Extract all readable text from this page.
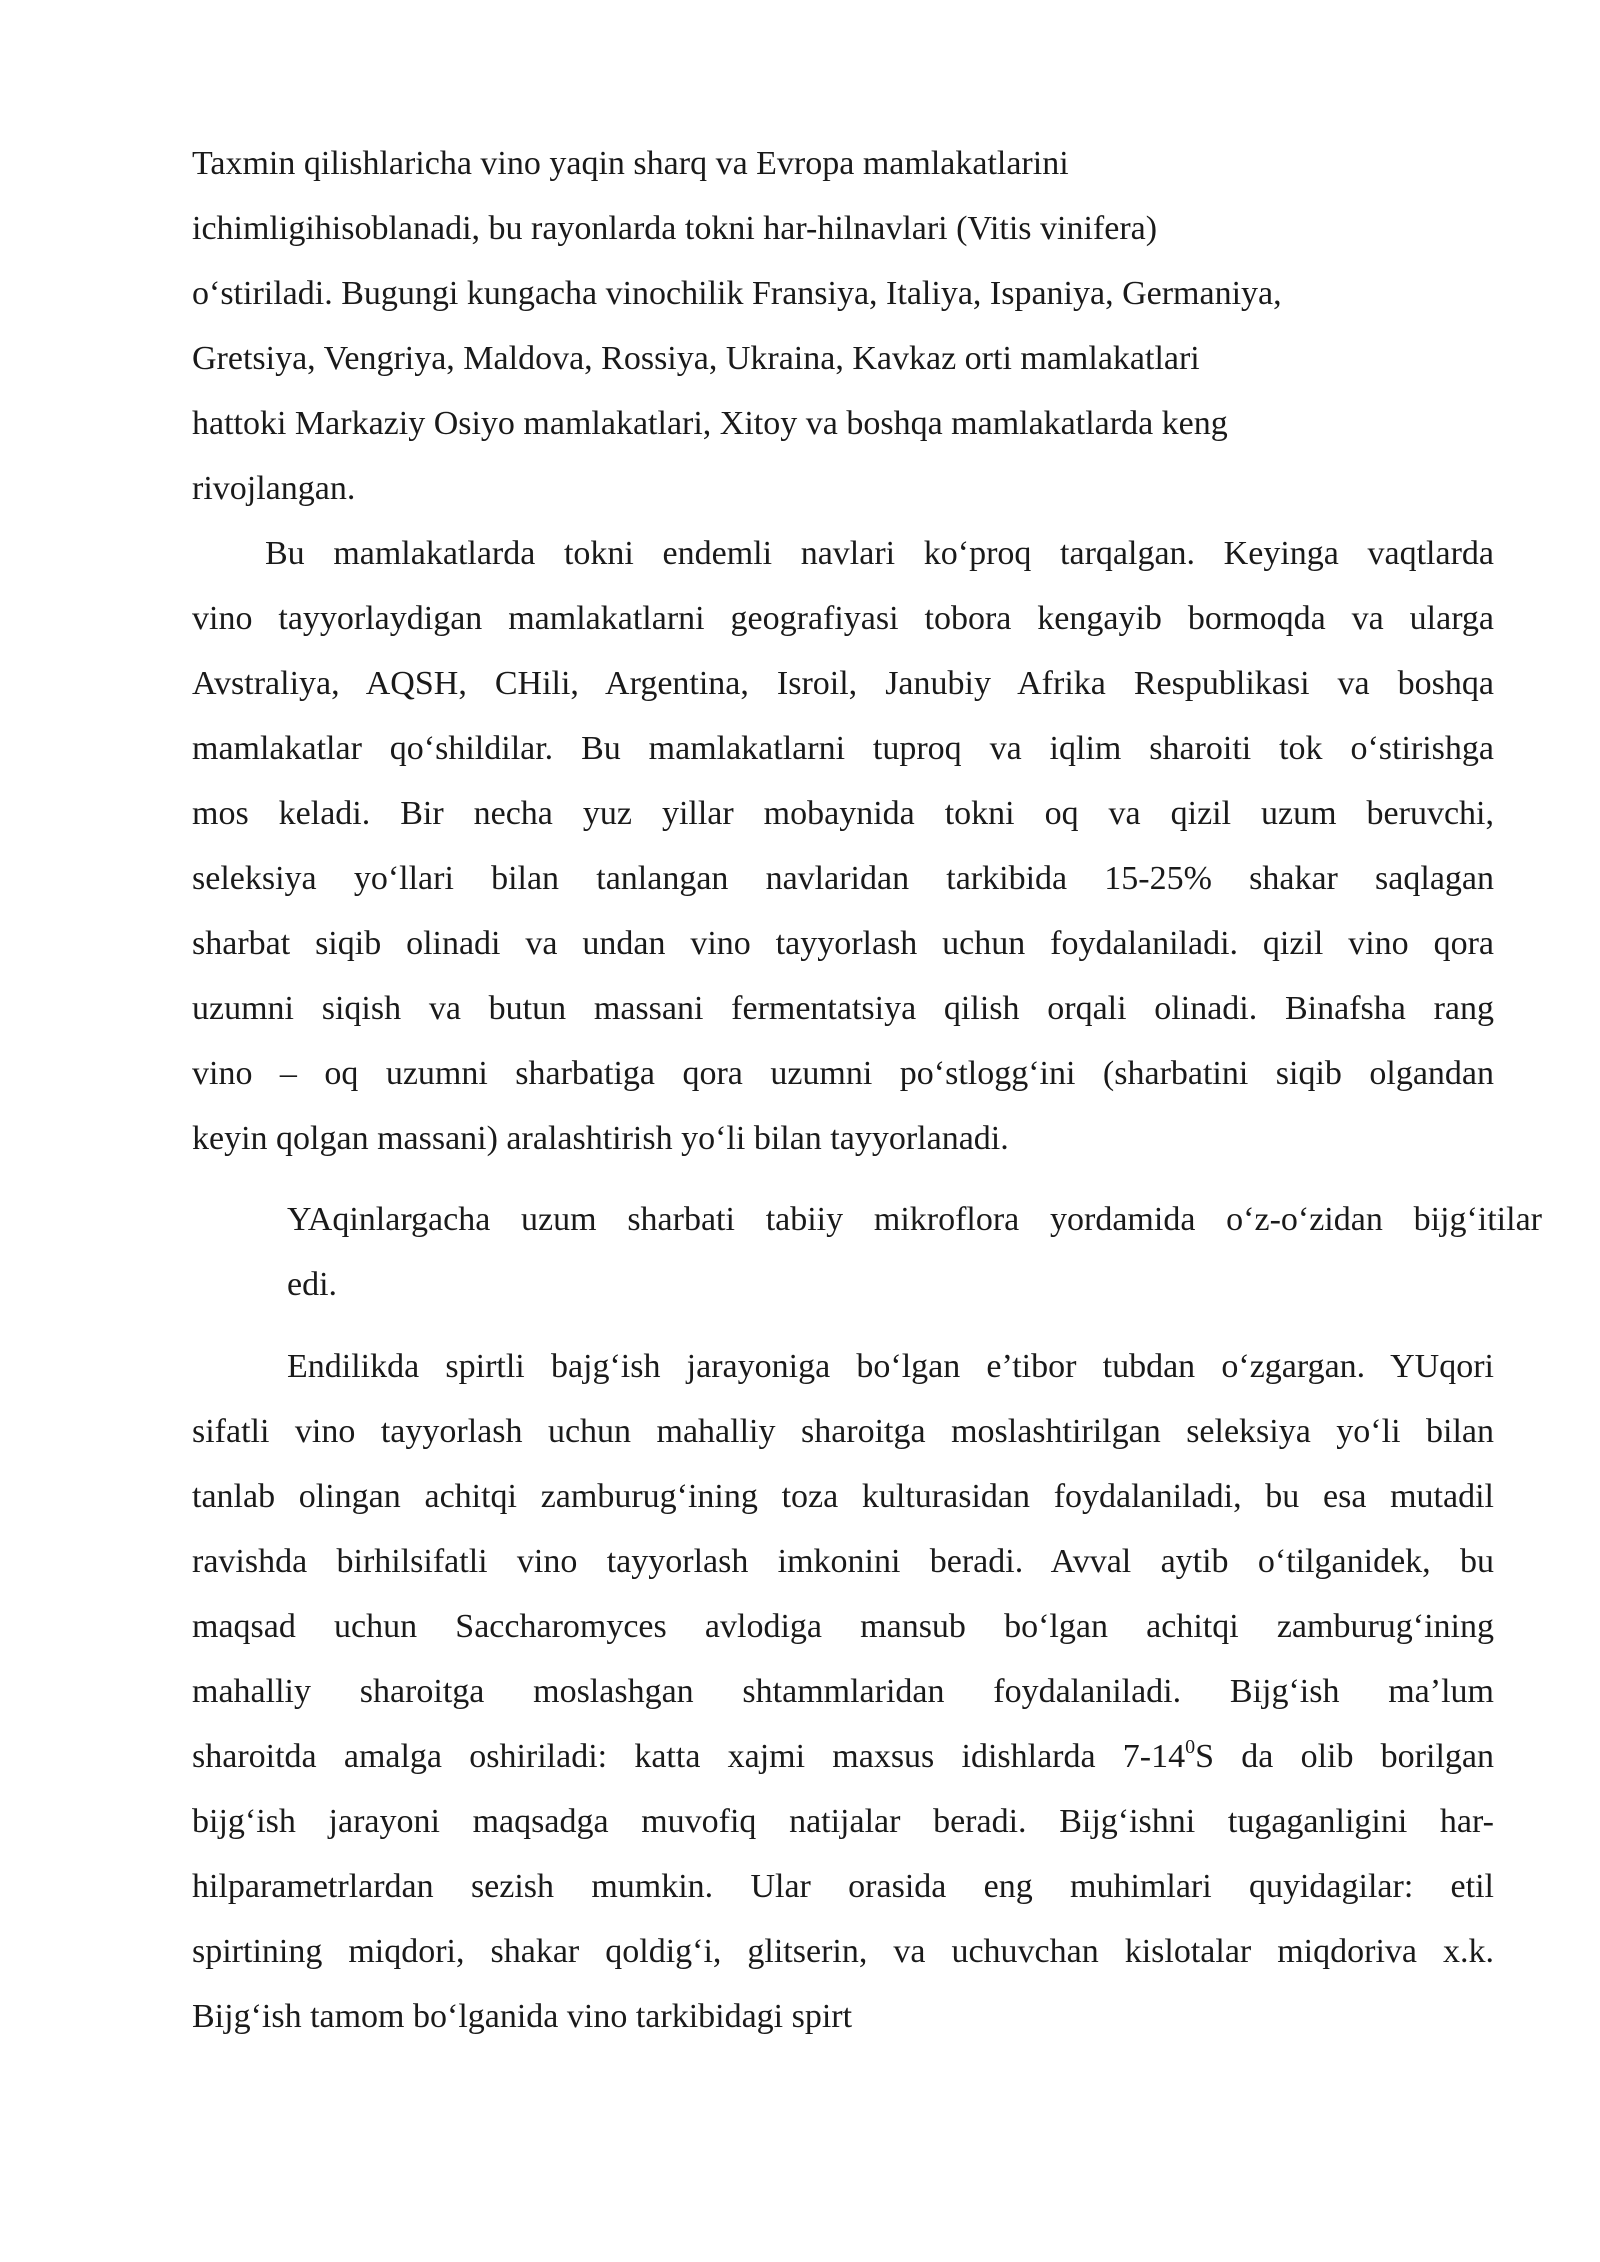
Taxmin qilishlaricha vino yaqin sharq va Evropa mamlakatlarini
ichimligihisoblanadi, bu rayonlarda tokni har-hilnavlari (Vitis vinifera)
o‘stiriladi. Bugungi kungacha vinochilik Fransiya, Italiya, Ispaniya, Germaniya,
Gretsiya, Vengriya, Maldova, Rossiya, Ukraina, Kavkaz orti mamlakatlari
hattoki Markaziy Osiyo mamlakatlari, Xitoy va boshqa mamlakatlarda keng
rivojlangan.
Bu mamlakatlarda tokni endemli navlari ko‘proq tarqalgan. Keyinga vaqtlarda
vino tayyorlaydigan mamlakatlarni geografiyasi tobora kengayib bormoqda va ularga
Avstraliya, AQSH, CHili, Argentina, Isroil, Janubiy Afrika Respublikasi va boshqa
mamlakatlar qo‘shildilar. Bu mamlakatlarni tuproq va iqlim sharoiti tok o‘stirishga
mos keladi. Bir necha yuz yillar mobaynida tokni oq va qizil uzum beruvchi,
seleksiya yo‘llari bilan tanlangan navlaridan tarkibida 15-25% shakar saqlagan
sharbat siqib olinadi va undan vino tayyorlash uchun foydalaniladi. qizil vino qora
uzumni siqish va butun massani fermentatsiya qilish orqali olinadi. Binafsha rang
vino – oq uzumni sharbatiga qora uzumni po‘stlogg‘ini (sharbatini siqib olgandan
keyin qolgan massani) aralashtirish yo‘li bilan tayyorlanadi.
YAqinlargacha uzum sharbati tabiiy mikroflora yordamida o‘z-o‘zidan bijg‘itilar
edi.
Endilikda spirtli bajg‘ish jarayoniga bo‘lgan e’tibor tubdan o‘zgargan. YUqori
sifatli vino tayyorlash uchun mahalliy sharoitga moslashtirilgan seleksiya yo‘li bilan
tanlab olingan achitqi zamburug‘ining toza kulturasidan foydalaniladi, bu esa mutadil
ravishda birhilsifatli vino tayyorlash imkonini beradi. Avval aytib o‘tilganidek, bu
maqsad uchun Saccharomyces avlodiga mansub bo‘lgan achitqi zamburug‘ining
mahalliy sharoitga moslashgan shtammlaridan foydalaniladi. Bijg‘ish ma’lum
sharoitda amalga oshiriladi: katta xajmi maxsus idishlarda $7-14^0S$ da olib borilgan
bijg‘ish jarayoni maqsadga muvofiq natijalar beradi. Bijg‘ishni tugaganligini har-
hilparametrlardan sezish mumkin. Ular orasida eng muhimlari quyidagilar: etil
spirtining miqdori, shakar qoldig‘i, glitserin, va uchuvchan kislotalar miqdoriva x.k.
Bijg‘ish tamom bo‘lganida vino tarkibidagi spirt
